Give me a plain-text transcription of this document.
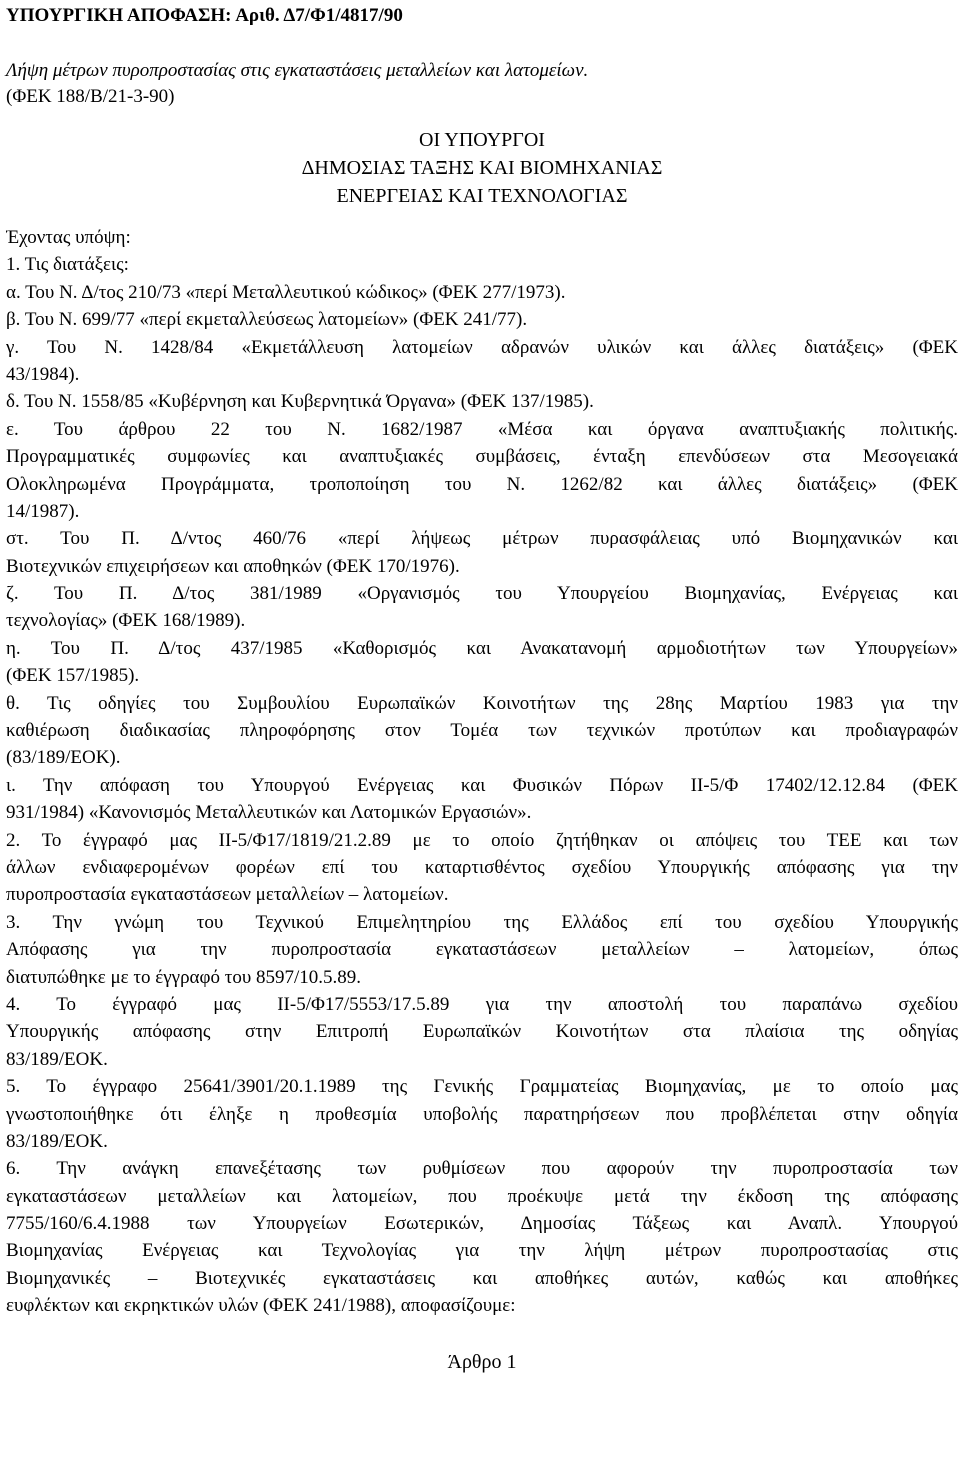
ΥΠΟΥΡΓΙΚΗ ΑΠΟΦΑΣΗ: Αριθ. Δ7/Φ1/4817/90
Λήψη μέτρων πυροπροστασίας στις εγκαταστάσεις μεταλλείων και λατομείων.
(ΦΕΚ 188/Β/21-3-90)
ΟΙ ΥΠΟΥΡΓΟΙ
ΔΗΜΟΣΙΑΣ ΤΑΞΗΣ ΚΑΙ ΒΙΟΜΗΧΑΝΙΑΣ
ΕΝΕΡΓΕΙΑΣ ΚΑΙ ΤΕΧΝΟΛΟΓΙΑΣ
Έχοντας υπόψη:
1. Τις διατάξεις:
α. Του Ν. Δ/τος 210/73 «περί Μεταλλευτικού κώδικος» (ΦΕΚ 277/1973).
β. Του Ν. 699/77 «περί εκμεταλλεύσεως λατομείων» (ΦΕΚ 241/77).
γ. Του Ν. 1428/84 «Εκμετάλλευση λατομείων αδρανών υλικών και άλλες διατάξεις» (ΦΕΚ
43/1984).
δ. Του Ν. 1558/85 «Κυβέρνηση και Κυβερνητικά Όργανα» (ΦΕΚ 137/1985).
ε. Του άρθρου 22 του Ν. 1682/1987 «Μέσα και όργανα αναπτυξιακής πολιτικής.
Προγραμματικές συμφωνίες και αναπτυξιακές συμβάσεις, ένταξη επενδύσεων στα Μεσογειακά
Ολοκληρωμένα Προγράμματα, τροποποίηση του Ν. 1262/82 και άλλες διατάξεις» (ΦΕΚ
14/1987).
στ. Του Π. Δ/ντος 460/76 «περί λήψεως μέτρων πυρασφάλειας υπό Βιομηχανικών και
Βιοτεχνικών επιχειρήσεων και αποθηκών (ΦΕΚ 170/1976).
ζ. Του Π. Δ/τος 381/1989 «Οργανισμός του Υπουργείου Βιομηχανίας, Ενέργειας και
τεχνολογίας» (ΦΕΚ 168/1989).
η. Του Π. Δ/τος 437/1985 «Καθορισμός και Ανακατανομή αρμοδιοτήτων των Υπουργείων»
(ΦΕΚ 157/1985).
θ. Τις οδηγίες του Συμβουλίου Ευρωπαϊκών Κοινοτήτων της 28ης Μαρτίου 1983 για την
καθιέρωση διαδικασίας πληροφόρησης στον Τομέα των τεχνικών προτύπων και προδιαγραφών
(83/189/ΕΟΚ).
ι. Την απόφαση του Υπουργού Ενέργειας και Φυσικών Πόρων ΙΙ-5/Φ 17402/12.12.84 (ΦΕΚ
931/1984) «Κανονισμός Μεταλλευτικών και Λατομικών Εργασιών».
2. Το έγγραφό μας ΙΙ-5/Φ17/1819/21.2.89 με το οποίο ζητήθηκαν οι απόψεις του ΤΕΕ και των
άλλων ενδιαφερομένων φορέων επί του καταρτισθέντος σχεδίου Υπουργικής απόφασης για την
πυροπροστασία εγκαταστάσεων μεταλλείων – λατομείων.
3. Την γνώμη του Τεχνικού Επιμελητηρίου της Ελλάδος επί του σχεδίου Υπουργικής
Απόφασης για την πυροπροστασία εγκαταστάσεων μεταλλείων – λατομείων, όπως
διατυπώθηκε με το έγγραφό του 8597/10.5.89.
4. Το έγγραφό μας ΙΙ-5/Φ17/5553/17.5.89 για την αποστολή του παραπάνω σχεδίου
Υπουργικής απόφασης στην Επιτροπή Ευρωπαϊκών Κοινοτήτων στα πλαίσια της οδηγίας
83/189/ΕΟΚ.
5. Το έγγραφο 25641/3901/20.1.1989 της Γενικής Γραμματείας Βιομηχανίας, με το οποίο μας
γνωστοποιήθηκε ότι έληξε η προθεσμία υποβολής παρατηρήσεων που προβλέπεται στην οδηγία
83/189/ΕΟΚ.
6. Την ανάγκη επανεξέτασης των ρυθμίσεων που αφορούν την πυροπροστασία των
εγκαταστάσεων μεταλλείων και λατομείων, που προέκυψε μετά την έκδοση της απόφασης
7755/160/6.4.1988 των Υπουργείων Εσωτερικών, Δημοσίας Τάξεως και Αναπλ. Υπουργού
Βιομηχανίας Ενέργειας και Τεχνολογίας για την λήψη μέτρων πυροπροστασίας στις
Βιομηχανικές – Βιοτεχνικές εγκαταστάσεις και αποθήκες αυτών, καθώς και αποθήκες
ευφλέκτων και εκρηκτικών υλών (ΦΕΚ 241/1988), αποφασίζουμε:
Άρθρο 1
